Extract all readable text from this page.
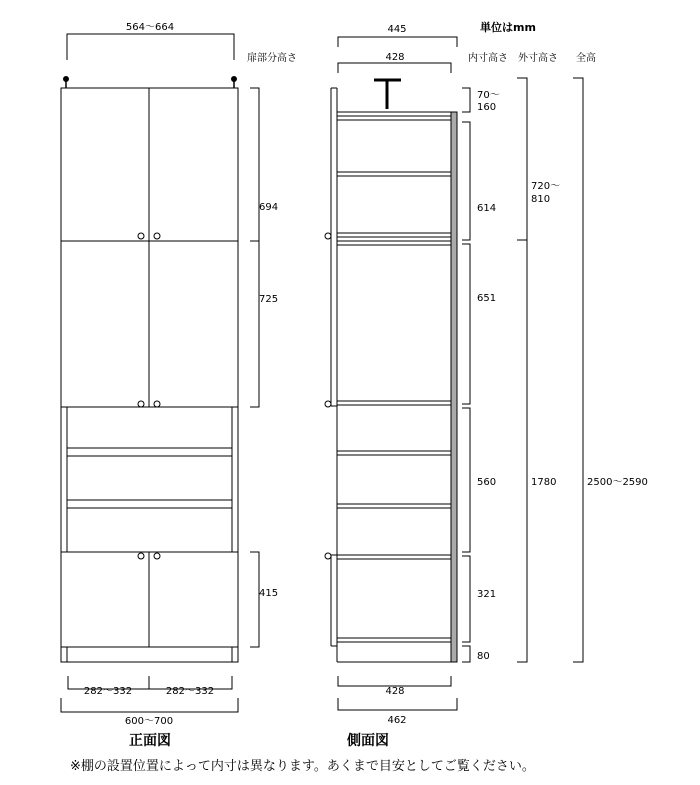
単位はmm
扉部分高さ	内寸高さ 外寸高さ 全高
564〜664
694
725
415
282〜332	282〜332
600〜700
正面図
445
428
70〜
160
614
651
560
321
80
720〜
810
1780	2500〜2590
428
462
側面図
※棚の設置位置によって内寸は異なります。あくまで目安としてご覧ください。
